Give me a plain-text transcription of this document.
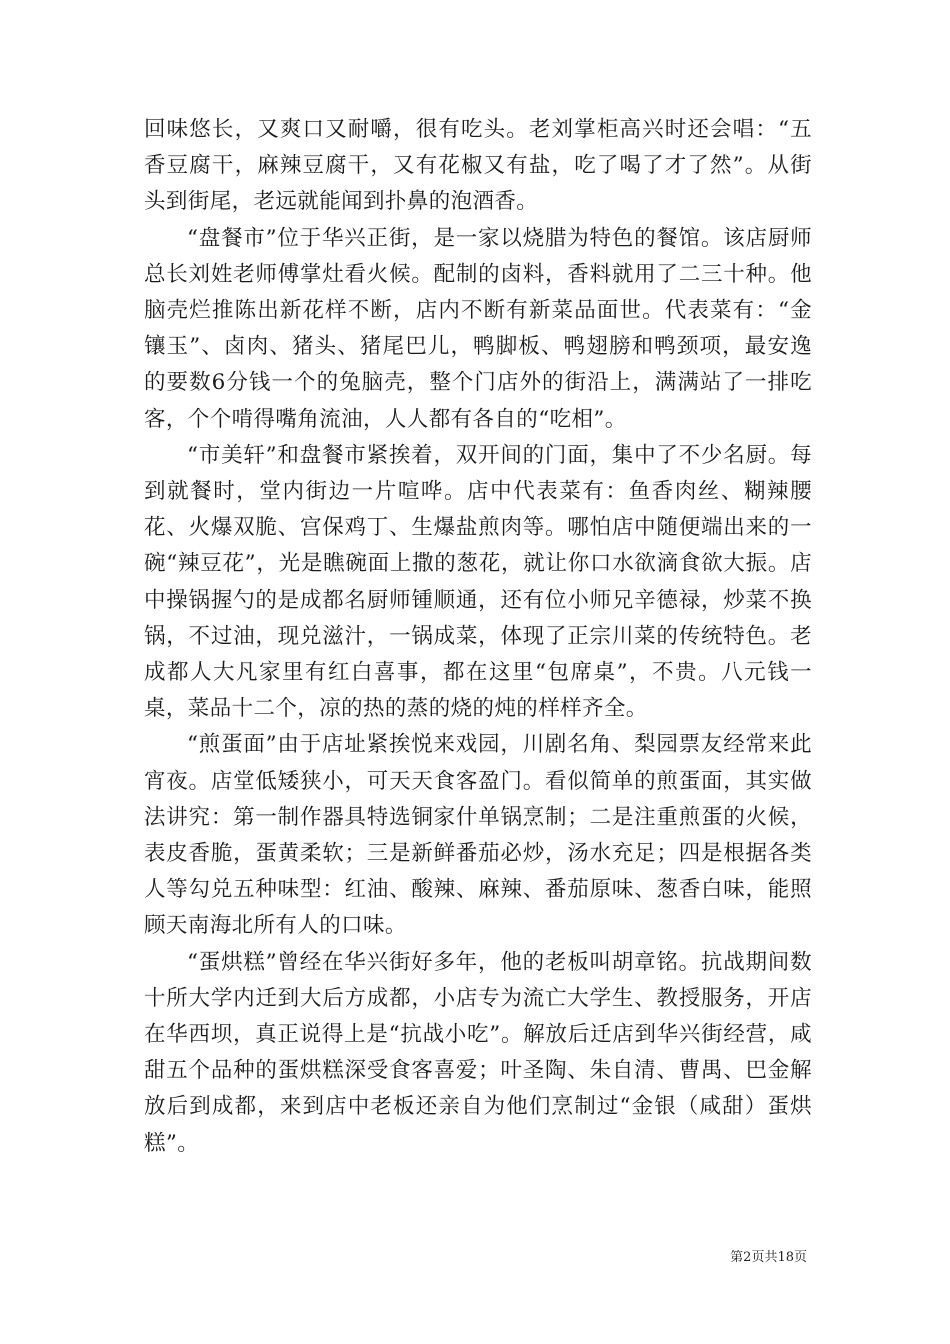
回味悠长，又爽口又耐嚼，很有吃头。老刘掌柜高兴时还会唱：“五香豆腐干，麻辣豆腐干，又有花椒又有盐，吃了喝了才了然”。从街头到街尾，老远就能闻到扑鼻的泡酒香。

“盘餐市”位于华兴正街，是一家以烧腊为特色的餐馆。该店厨师总长刘姓老师傅掌灶看火候。配制的卤料，香料就用了二三十种。他脑壳烂推陈出新花样不断，店内不断有新菜品面世。代表菜有：“金镶玉”、卤肉、猪头、猪尾巴儿，鸭脚板、鸭翅膀和鸭颈项，最安逸的要数6分钱一个的兔脑壳，整个门店外的街沿上，满满站了一排吃客，个个啃得嘴角流油，人人都有各自的“吃相”。

“市美轩”和盘餐市紧挨着，双开间的门面，集中了不少名厨。每到就餐时，堂内街边一片喧哗。店中代表菜有：鱼香肉丝、糊辣腰花、火爆双脆、宫保鸡丁、生爆盐煎肉等。哪怕店中随便端出来的一碗“辣豆花”，光是瞧碗面上撒的葱花，就让你口水欲滴食欲大振。店中操锅握勺的是成都名厨师锺顺通，还有位小师兄辛德禄，炒菜不换锅，不过油，现兑滋汁，一锅成菜，体现了正宗川菜的传统特色。老成都人大凡家里有红白喜事，都在这里“包席桌”，不贵。八元钱一桌，菜品十二个，凉的热的蒸的烧的炖的样样齐全。

“煎蛋面”由于店址紧挨悦来戏园，川剧名角、梨园票友经常来此宵夜。店堂低矮狭小，可天天食客盈门。看似简单的煎蛋面，其实做法讲究：第一制作器具特选铜家什单锅烹制；二是注重煎蛋的火候，表皮香脆，蛋黄柔软；三是新鲜番茄必炒，汤水充足；四是根据各类人等勾兑五种味型：红油、酸辣、麻辣、番茄原味、葱香白味，能照顾天南海北所有人的口味。

“蛋烘糕”曾经在华兴街好多年，他的老板叫胡章铭。抗战期间数十所大学内迁到大后方成都，小店专为流亡大学生、教授服务，开店在华西坝，真正说得上是“抗战小吃”。解放后迁店到华兴街经营，咸甜五个品种的蛋烘糕深受食客喜爱；叶圣陶、朱自清、曹禺、巴金解放后到成都，来到店中老板还亲自为他们烹制过“金银（咸甜）蛋烘糕”。

第2页共18页
